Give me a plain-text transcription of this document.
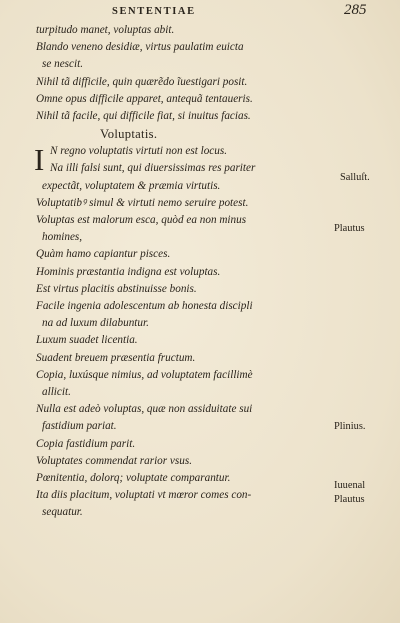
SENTENTIAE	285
turpitudo manet, voluptas abit.
Blando veneno desidiæ, virtus paulatim euicta
se nescit.
Nihil tã difficile, quin quærẽdo ĩuestigari posit.
Omne opus difficile apparet, antequã tentaueris.
Nihil tã facile, qui difficile fiat, si inuitus facias.
Voluptatis.
I N regno voluptatis virtuti non est locus.
Na illi falsi sunt, qui diuersissimas res pariter
expectãt, voluptatem & præmia virtutis.
Voluptatibꝰ simul & virtuti nemo seruire potest.
Voluptas est malorum esca, quòd ea non minus
homines,
Quàm hamo capiantur pisces.
Hominis præstantia indigna est voluptas.
Est virtus placitis abstinuisse bonis.
Facile ingenia adolescentum ab honesta discipli
na ad luxum dilabuntur.
Luxum suadet licentia.
Suadent breuem præsentia fructum.
Copia, luxúsque nimius, ad voluptatem facillimè
allicit.
Nulla est adeò voluptas, quæ non assiduitate sui
fastidium pariat.
Copia fastidium parit.
Voluptates commendat rarior vsus.
Pœnitentia, dolorq; voluptate comparantur.
Ita diis placitum, voluptati vt mœror comes con-
sequatur.
Salluſt.
Plautus
Plinius.
Iuuenal
Plautus
